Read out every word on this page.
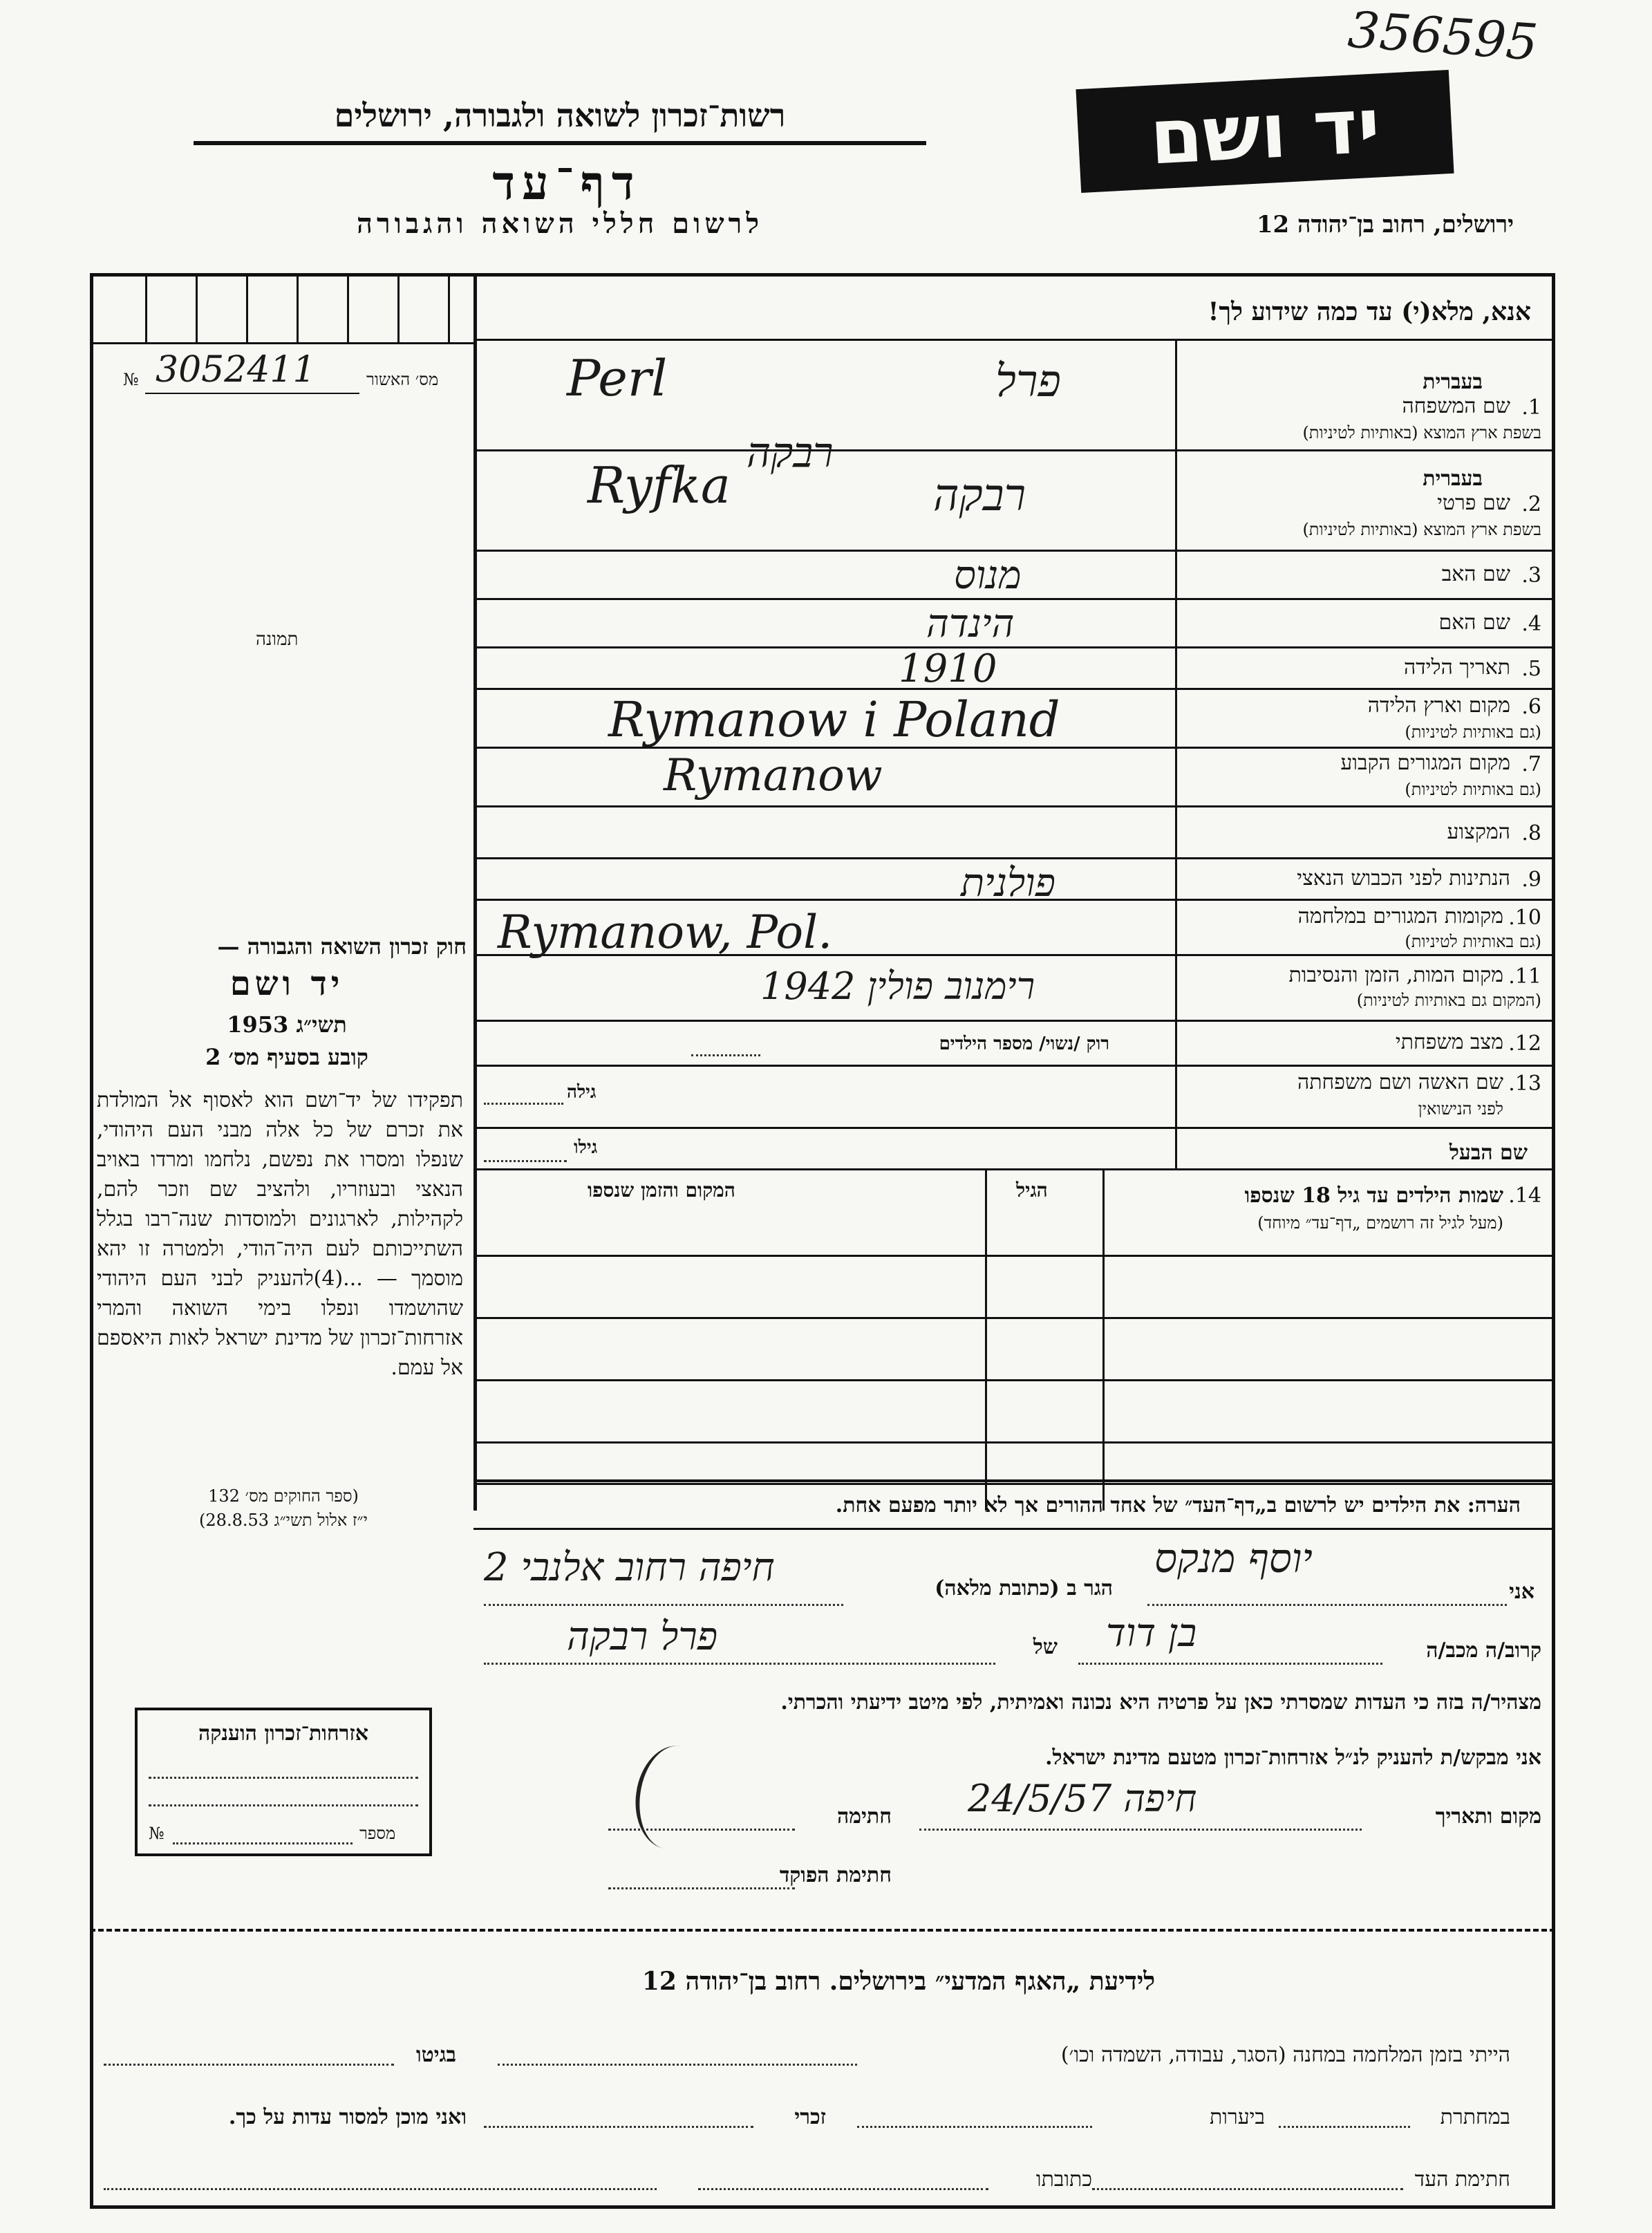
356595
יד ושם
רשות־זכרון לשואה ולגבורה, ירושלים
דף־עד
לרשום חללי השואה והגבורה	ירושלים, רחוב בן־יהודה 12
אנא, מלא(י) עד כמה שידוע לך!
מס׳ האשור
№ 3052411
תמונה
בעברית
1.
שם המשפחה
בשפת ארץ המוצא (באותיות לטיניות)
Perl	פרל
בעברית
2.
שם פרטי
בשפת ארץ המוצא (באותיות לטיניות)
רבקה
Ryfka	רבקה
3.
שם האב
מנוס
4.
שם האם
הינדה
5.
תאריך הלידה
1910
6.
מקום וארץ הלידה
(גם באותיות לטיניות)
Rymanow i Poland
7.
מקום המגורים הקבוע
(גם באותיות לטיניות)
Rymanow
8.
המקצוע
9.
הנתינות לפני הכבוש הנאצי
פולנית
10.
מקומות המגורים במלחמה
(גם באותיות לטיניות)
Rymanow, Pol.
11.
מקום המות, הזמן והנסיבות
(המקום גם באותיות לטיניות)
רימנוב פולין 1942
12.
מצב משפחתי
רוק /נשוי/ מספר הילדים
13.
שם האשה ושם משפחתה
לפני הנישואין
גילה
שם הבעל
גילו
שמות הילדים עד גיל 18 שנספו 14.
(מעל לגיל זה רושמים „דף־עד״ מיוחד)
הגיל
המקום והזמן שנספו
חוק זכרון השואה והגבורה —
יד ושם
תשי״ג 1953
קובע בסעיף מס׳ 2
תפקידו של יד־ושם הוא לאסוף אל המולדת את זכרם של כל אלה מבני העם היהודי, שנפלו ומסרו את נפשם, נלחמו ומרדו באויב הנאצי ובעוזריו, ולהציב שם וזכר להם, לקהילות, לארגונים ולמוסדות שנה־רבו בגלל השתייכותם לעם היה־הודי, ולמטרה זו יהא מוסמך — ...(4)להעניק לבני העם היהודי שהושמדו ונפלו בימי השואה והמרי אזרחות־זכרון של מדינת ישראל לאות היאספם אל עמם.
(ספר החוקים מס׳ 132
י״ז אלול תשי״ג 28.8.53)
הערה: את הילדים יש לרשום ב„דף־העד״ של אחד ההורים אך לא יותר מפעם אחת.
אני
יוסף מנקס
הגר ב (כתובת מלאה)
חיפה רחוב אלנבי 2
קרוב/ה מכב/ה
בן דוד
של
פרל רבקה
מצהיר/ה בזה כי העדות שמסרתי כאן על פרטיה היא נכונה ואמיתית, לפי מיטב ידיעתי והכרתי.
אני מבקש/ת להעניק לנ״ל אזרחות־זכרון מטעם מדינת ישראל.
מקום ותאריך
חיפה 24/5/57
חתימה
חתימת הפוקד
אזרחות־זכרון הוענקה
מספר
№
לידיעת „האגף המדעי״ בירושלים. רחוב בן־יהודה 12
הייתי בזמן המלחמה במחנה (הסגר, עבודה, השמדה וכו׳)
בגיטו
במחתרת
ביערות
זכרי
ואני מוכן למסור עדות על כך.
חתימת העד
כתובתו
